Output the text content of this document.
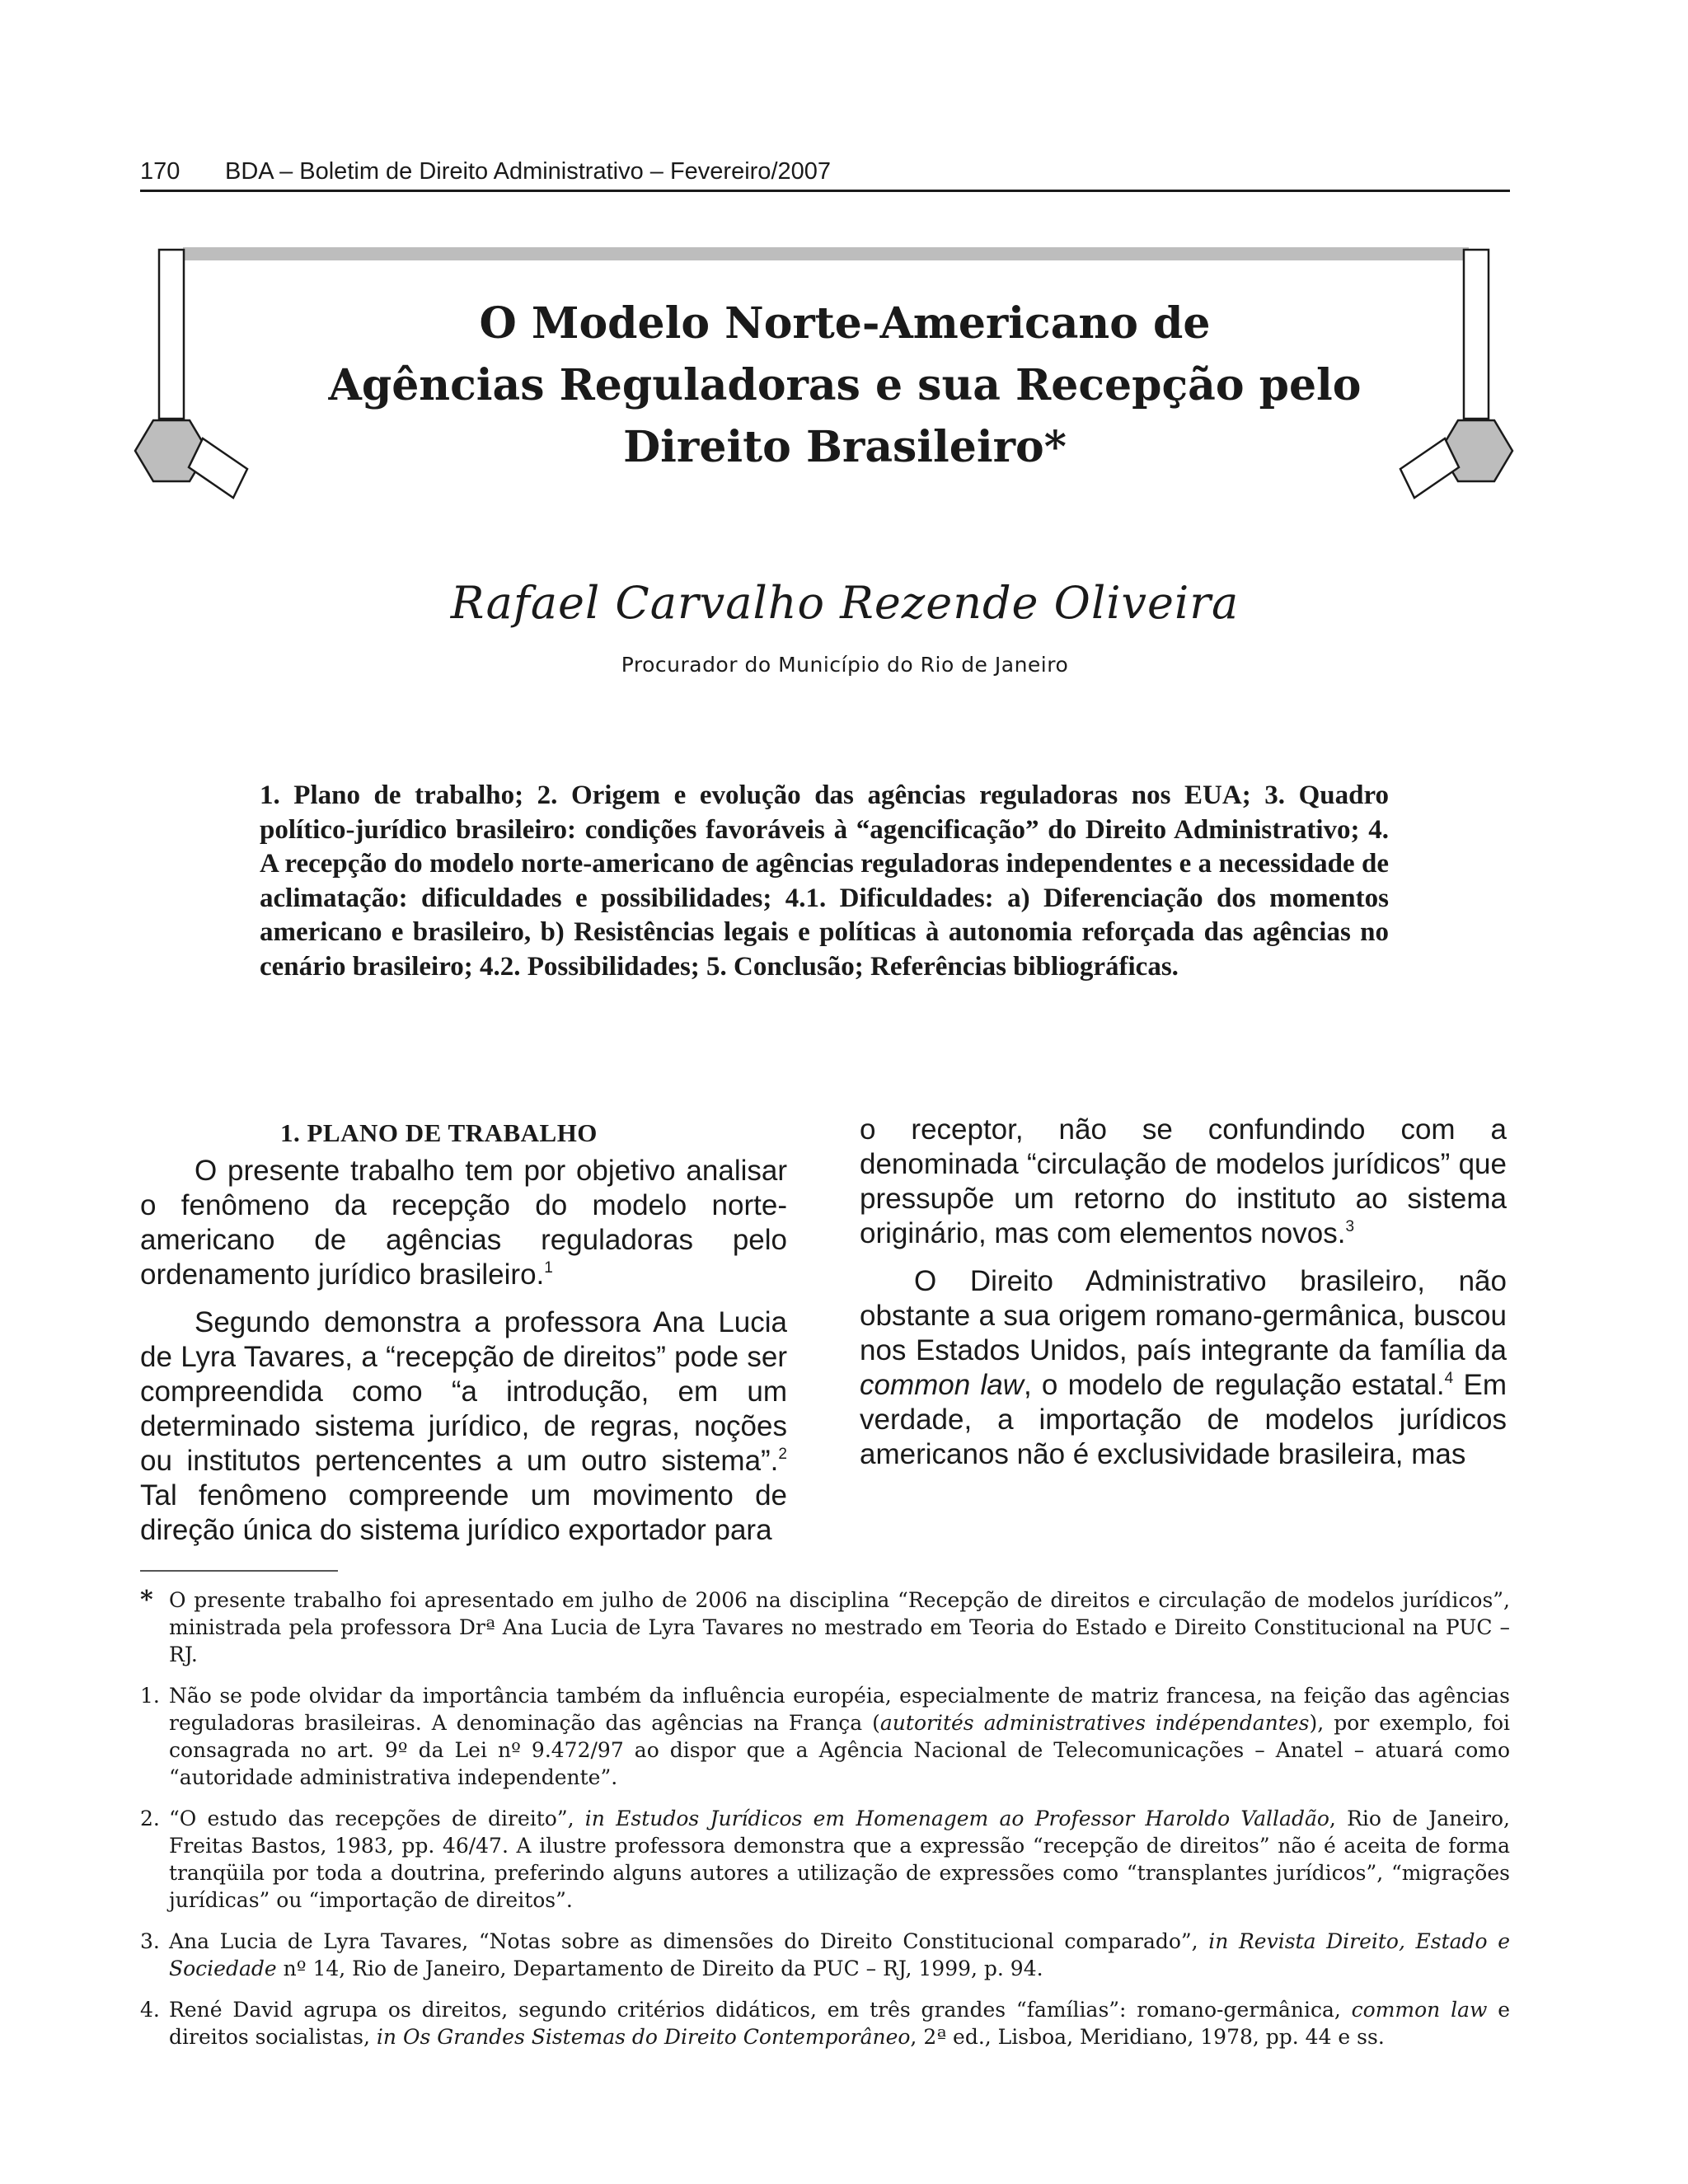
170 BDA – Boletim de Direito Administrativo – Fevereiro/2007
O Modelo Norte-Americano de
Agências Reguladoras e sua Recepção pelo
Direito Brasileiro*
Rafael Carvalho Rezende Oliveira
Procurador do Município do Rio de Janeiro
1. Plano de trabalho; 2. Origem e evolução das agências reguladoras nos EUA; 3. Quadro político-jurídico brasileiro: condições favoráveis à “agencificação” do Direito Administrativo; 4. A recepção do modelo norte-americano de agências reguladoras independentes e a necessidade de aclimatação: dificuldades e possibilidades; 4.1. Dificuldades: a) Diferenciação dos momentos americano e brasileiro, b) Resistências legais e políticas à autonomia reforçada das agências no cenário brasileiro; 4.2. Possibilidades; 5. Conclusão; Referências bibliográficas.
1. PLANO DE TRABALHO

O presente trabalho tem por objetivo analisar o fenômeno da recepção do modelo norte-americano de agências reguladoras pelo ordenamento jurídico brasileiro.$^1$

Segundo demonstra a professora Ana Lucia de Lyra Tavares, a “recepção de direitos” pode ser compreendida como “a introdução, em um determinado sistema jurídico, de regras, noções ou institutos pertencentes a um outro sistema”.$^2$ Tal fenômeno compreende um movimento de direção única do sistema jurídico exportador para

o receptor, não se confundindo com a denominada “circulação de modelos jurídicos” que pressupõe um retorno do instituto ao sistema originário, mas com elementos novos.$^3$

O Direito Administrativo brasileiro, não obstante a sua origem romano-germânica, buscou nos Estados Unidos, país integrante da família da common law, o modelo de regulação estatal.$^4$ Em verdade, a importação de modelos jurídicos americanos não é exclusividade brasileira, mas

* O presente trabalho foi apresentado em julho de 2006 na disciplina “Recepção de direitos e circulação de modelos jurídicos”, ministrada pela professora Drª Ana Lucia de Lyra Tavares no mestrado em Teoria do Estado e Direito Constitucional na PUC – RJ.
1. Não se pode olvidar da importância também da influência européia, especialmente de matriz francesa, na feição das agências reguladoras brasileiras. A denominação das agências na França (autorités administratives indépendantes), por exemplo, foi consagrada no art. 9º da Lei nº 9.472/97 ao dispor que a Agência Nacional de Telecomunicações – Anatel – atuará como “autoridade administrativa independente”.
2. “O estudo das recepções de direito”, in Estudos Jurídicos em Homenagem ao Professor Haroldo Valladão, Rio de Janeiro, Freitas Bastos, 1983, pp. 46/47. A ilustre professora demonstra que a expressão “recepção de direitos” não é aceita de forma tranqüila por toda a doutrina, preferindo alguns autores a utilização de expressões como “transplantes jurídicos”, “migrações jurídicas” ou “importação de direitos”.
3. Ana Lucia de Lyra Tavares, “Notas sobre as dimensões do Direito Constitucional comparado”, in Revista Direito, Estado e Sociedade nº 14, Rio de Janeiro, Departamento de Direito da PUC – RJ, 1999, p. 94.
4. René David agrupa os direitos, segundo critérios didáticos, em três grandes “famílias”: romano-germânica, common law e direitos socialistas, in Os Grandes Sistemas do Direito Contemporâneo, 2ª ed., Lisboa, Meridiano, 1978, pp. 44 e ss.
